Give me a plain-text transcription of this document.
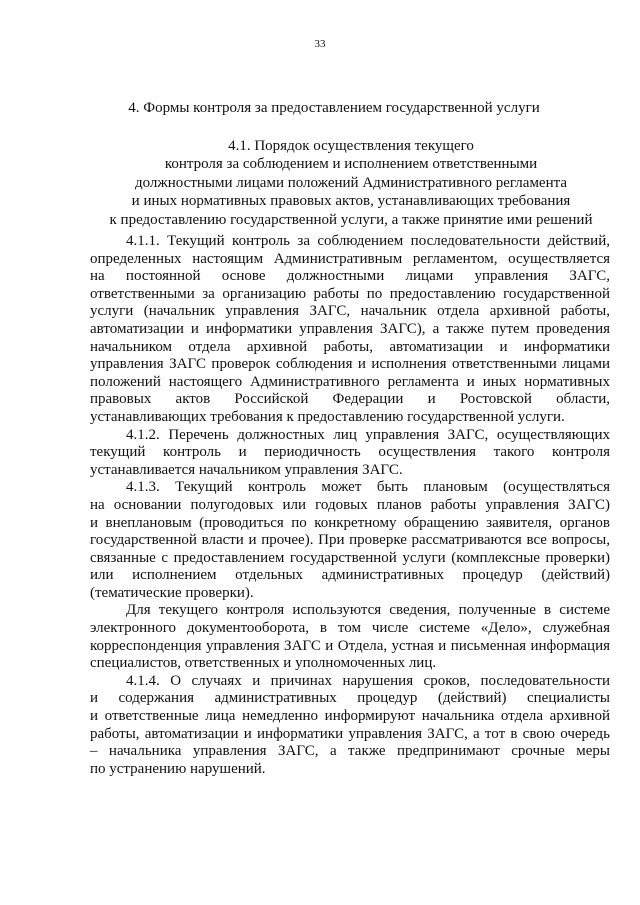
33
4. Формы контроля за предоставлением государственной услуги
4.1. Порядок осуществления текущего
контроля за соблюдением и исполнением ответственными
должностными лицами положений Административного регламента
и иных нормативных правовых актов, устанавливающих требования
к предоставлению государственной услуги, а также принятие ими решений

4.1.1. Текущий контроль за соблюдением последовательности действий,
определенных настоящим Административным регламентом, осуществляется
на постоянной основе должностными лицами управления ЗАГС,
ответственными за организацию работы по предоставлению государственной
услуги (начальник управления ЗАГС, начальник отдела архивной работы,
автоматизации и информатики управления ЗАГС), а также путем проведения
начальником отдела архивной работы, автоматизации и информатики
управления ЗАГС проверок соблюдения и исполнения ответственными лицами
положений настоящего Административного регламента и иных нормативных
правовых актов Российской Федерации и Ростовской области,
устанавливающих требования к предоставлению государственной услуги.

4.1.2. Перечень должностных лиц управления ЗАГС, осуществляющих
текущий контроль и периодичность осуществления такого контроля
устанавливается начальником управления ЗАГС.

4.1.3. Текущий контроль может быть плановым (осуществляться
на основании полугодовых или годовых планов работы управления ЗАГС)
и внеплановым (проводиться по конкретному обращению заявителя, органов
государственной власти и прочее). При проверке рассматриваются все вопросы,
связанные с предоставлением государственной услуги (комплексные проверки)
или исполнением отдельных административных процедур (действий)
(тематические проверки).

Для текущего контроля используются сведения, полученные в системе
электронного документооборота, в том числе системе «Дело», служебная
корреспонденция управления ЗАГС и Отдела, устная и письменная информация
специалистов, ответственных и уполномоченных лиц.

4.1.4. О случаях и причинах нарушения сроков, последовательности
и содержания административных процедур (действий) специалисты
и ответственные лица немедленно информируют начальника отдела архивной
работы, автоматизации и информатики управления ЗАГС, а тот в свою очередь
– начальника управления ЗАГС, а также предпринимают срочные меры
по устранению нарушений.
